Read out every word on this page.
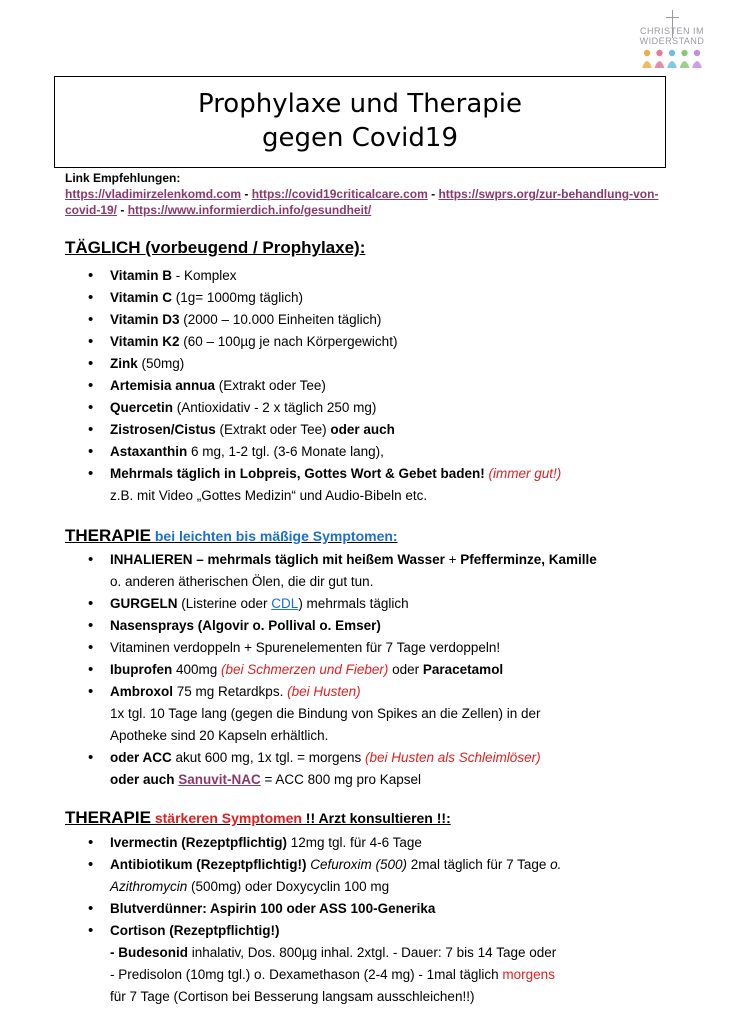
CHRISTEN IM
WIDERSTAND
Prophylaxe und Therapie
gegen Covid19
Link Empfehlungen:
https://vladimirzelenkomd.com - https://covid19criticalcare.com - https://swprs.org/zur-behandlung-von-covid-19/ - https://www.informierdich.info/gesundheit/
TÄGLICH (vorbeugend / Prophylaxe):
• Vitamin B - Komplex
• Vitamin C (1g= 1000mg täglich)
• Vitamin D3 (2000 – 10.000 Einheiten täglich)
• Vitamin K2 (60 – 100µg je nach Körpergewicht)
• Zink (50mg)
• Artemisia annua (Extrakt oder Tee)
• Quercetin (Antioxidativ - 2 x täglich 250 mg)
• Zistrosen/Cistus (Extrakt oder Tee) oder auch
• Astaxanthin 6 mg, 1-2 tgl. (3-6 Monate lang),
• Mehrmals täglich in Lobpreis, Gottes Wort & Gebet baden! (immer gut!)
z.B. mit Video „Gottes Medizin“ und Audio-Bibeln etc.
THERAPIE bei leichten bis mäßige Symptomen:
• INHALIEREN – mehrmals täglich mit heißem Wasser + Pfefferminze, Kamille
o. anderen ätherischen Ölen, die dir gut tun.
• GURGELN (Listerine oder CDL) mehrmals täglich
• Nasensprays (Algovir o. Pollival o. Emser)
• Vitaminen verdoppeln + Spurenelementen für 7 Tage verdoppeln!
• Ibuprofen 400mg (bei Schmerzen und Fieber) oder Paracetamol
• Ambroxol 75 mg Retardkps. (bei Husten)
1x tgl. 10 Tage lang (gegen die Bindung von Spikes an die Zellen) in der
Apotheke sind 20 Kapseln erhältlich.
• oder ACC akut 600 mg, 1x tgl. = morgens (bei Husten als Schleimlöser)
oder auch Sanuvit-NAC = ACC 800 mg pro Kapsel
THERAPIE stärkeren Symptomen !! Arzt konsultieren !!:
• Ivermectin (Rezeptpflichtig) 12mg tgl. für 4-6 Tage
• Antibiotikum (Rezeptpflichtig!) Cefuroxim (500) 2mal täglich für 7 Tage o.
Azithromycin (500mg) oder Doxycyclin 100 mg
• Blutverdünner: Aspirin 100 oder ASS 100-Generika
• Cortison (Rezeptpflichtig!)
- Budesonid inhalativ, Dos. 800µg inhal. 2xtgl. - Dauer: 7 bis 14 Tage oder
- Predisolon (10mg tgl.) o. Dexamethason (2-4 mg) - 1mal täglich morgens
für 7 Tage (Cortison bei Besserung langsam ausschleichen!!)
